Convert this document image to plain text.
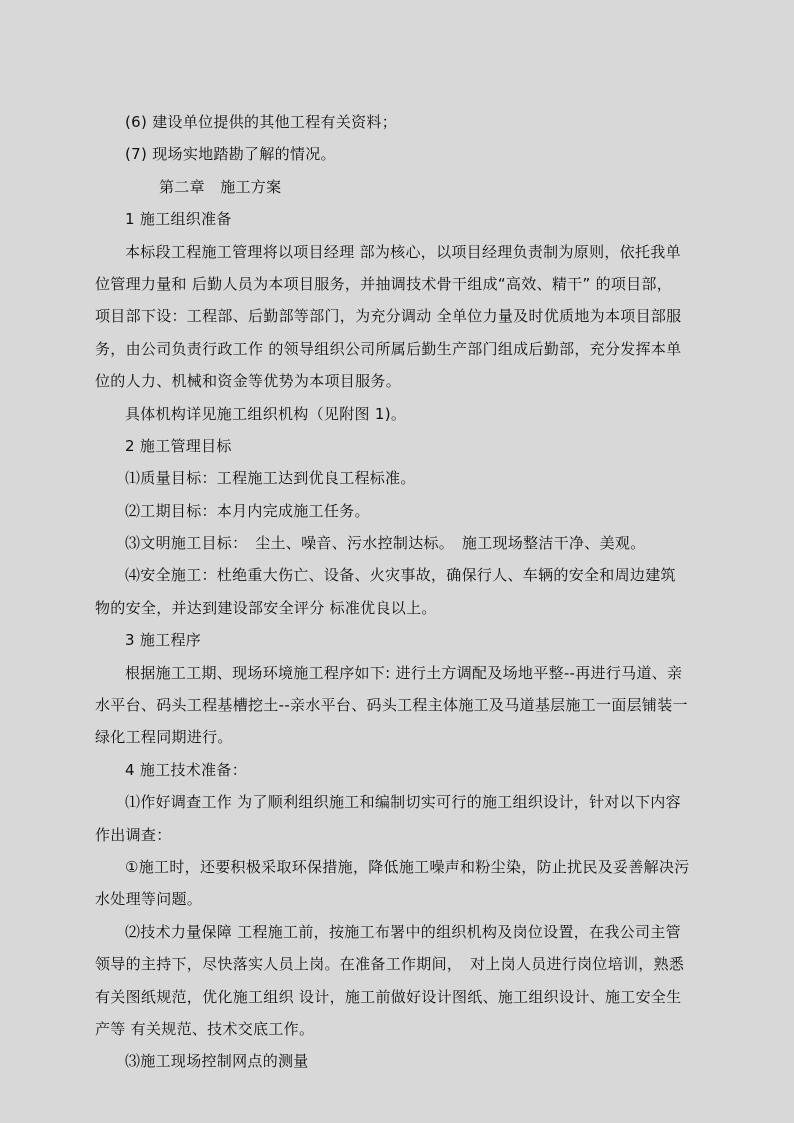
(6) 建设单位提供的其他工程有关资料；
(7) 现场实地踏勘了解的情况。
第二章　施工方案
1 施工组织准备
本标段工程施工管理将以项目经理 部为核心，以项目经理负责制为原则，依托我单
位管理力量和 后勤人员为本项目服务，并抽调技术骨干组成“高效、精干” 的项目部，
项目部下设：工程部、后勤部等部门，为充分调动 全单位力量及时优质地为本项目部服
务，由公司负责行政工作 的领导组织公司所属后勤生产部门组成后勤部，充分发挥本单
位的人力、机械和资金等优势为本项目服务。
具体机构详见施工组织机构（见附图 1)。
2 施工管理目标
⑴质量目标：工程施工达到优良工程标准。
⑵工期目标：本月内完成施工任务。
⑶文明施工目标：　尘土、噪音、污水控制达标。　施工现场整洁干净、美观。
⑷安全施工：杜绝重大伤亡、设备、火灾事故，确保行人、车辆的安全和周边建筑
物的安全，并达到建设部安全评分 标准优良以上。
3 施工程序
根据施工工期、现场环境施工程序如下: 进行土方调配及场地平整--再进行马道、亲
水平台、码头工程基槽挖土--亲水平台、码头工程主体施工及马道基层施工一面层铺装一
绿化工程同期进行。
4 施工技术准备：
⑴作好调查工作 为了顺利组织施工和编制切实可行的施工组织设计，针对以下内容
作出调查：
①施工时，还要积极采取环保措施，降低施工噪声和粉尘染，防止扰民及妥善解决污
水处理等问题。
⑵技术力量保障 工程施工前，按施工布署中的组织机构及岗位设置，在我公司主管
领导的主持下，尽快落实人员上岗。在准备工作期间，　对上岗人员进行岗位培训，熟悉
有关图纸规范，优化施工组织 设计，施工前做好设计图纸、施工组织设计、施工安全生
产等 有关规范、技术交底工作。
⑶施工现场控制网点的测量
